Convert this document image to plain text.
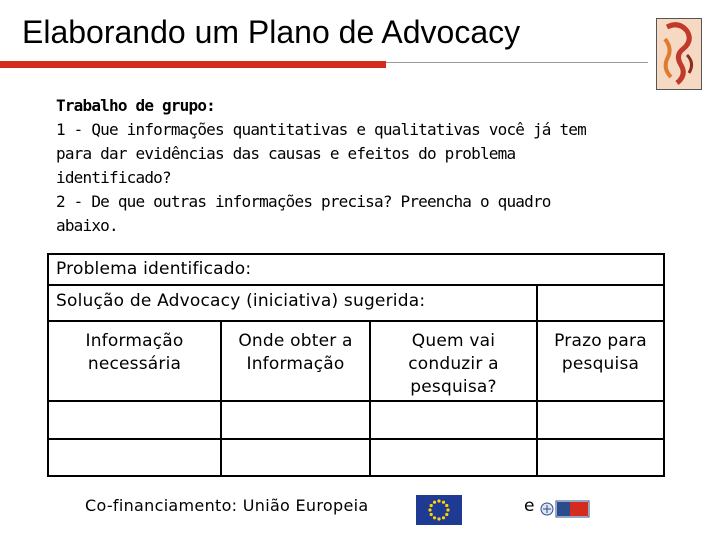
Elaborando um Plano de Advocacy
Trabalho de grupo:
1 - Que informações quantitativas e qualitativas você já tem
para dar evidências das causas e efeitos do problema
identificado?
2 - De que outras informações precisa? Preencha o quadro
abaixo.
Problema identificado:
Solução de Advocacy (iniciativa) sugerida:
Informação
necessária
Onde obter a
Informação
Quem vai
conduzir a
pesquisa?
Prazo para
pesquisa
Co-financiamento: União Europeia	e
